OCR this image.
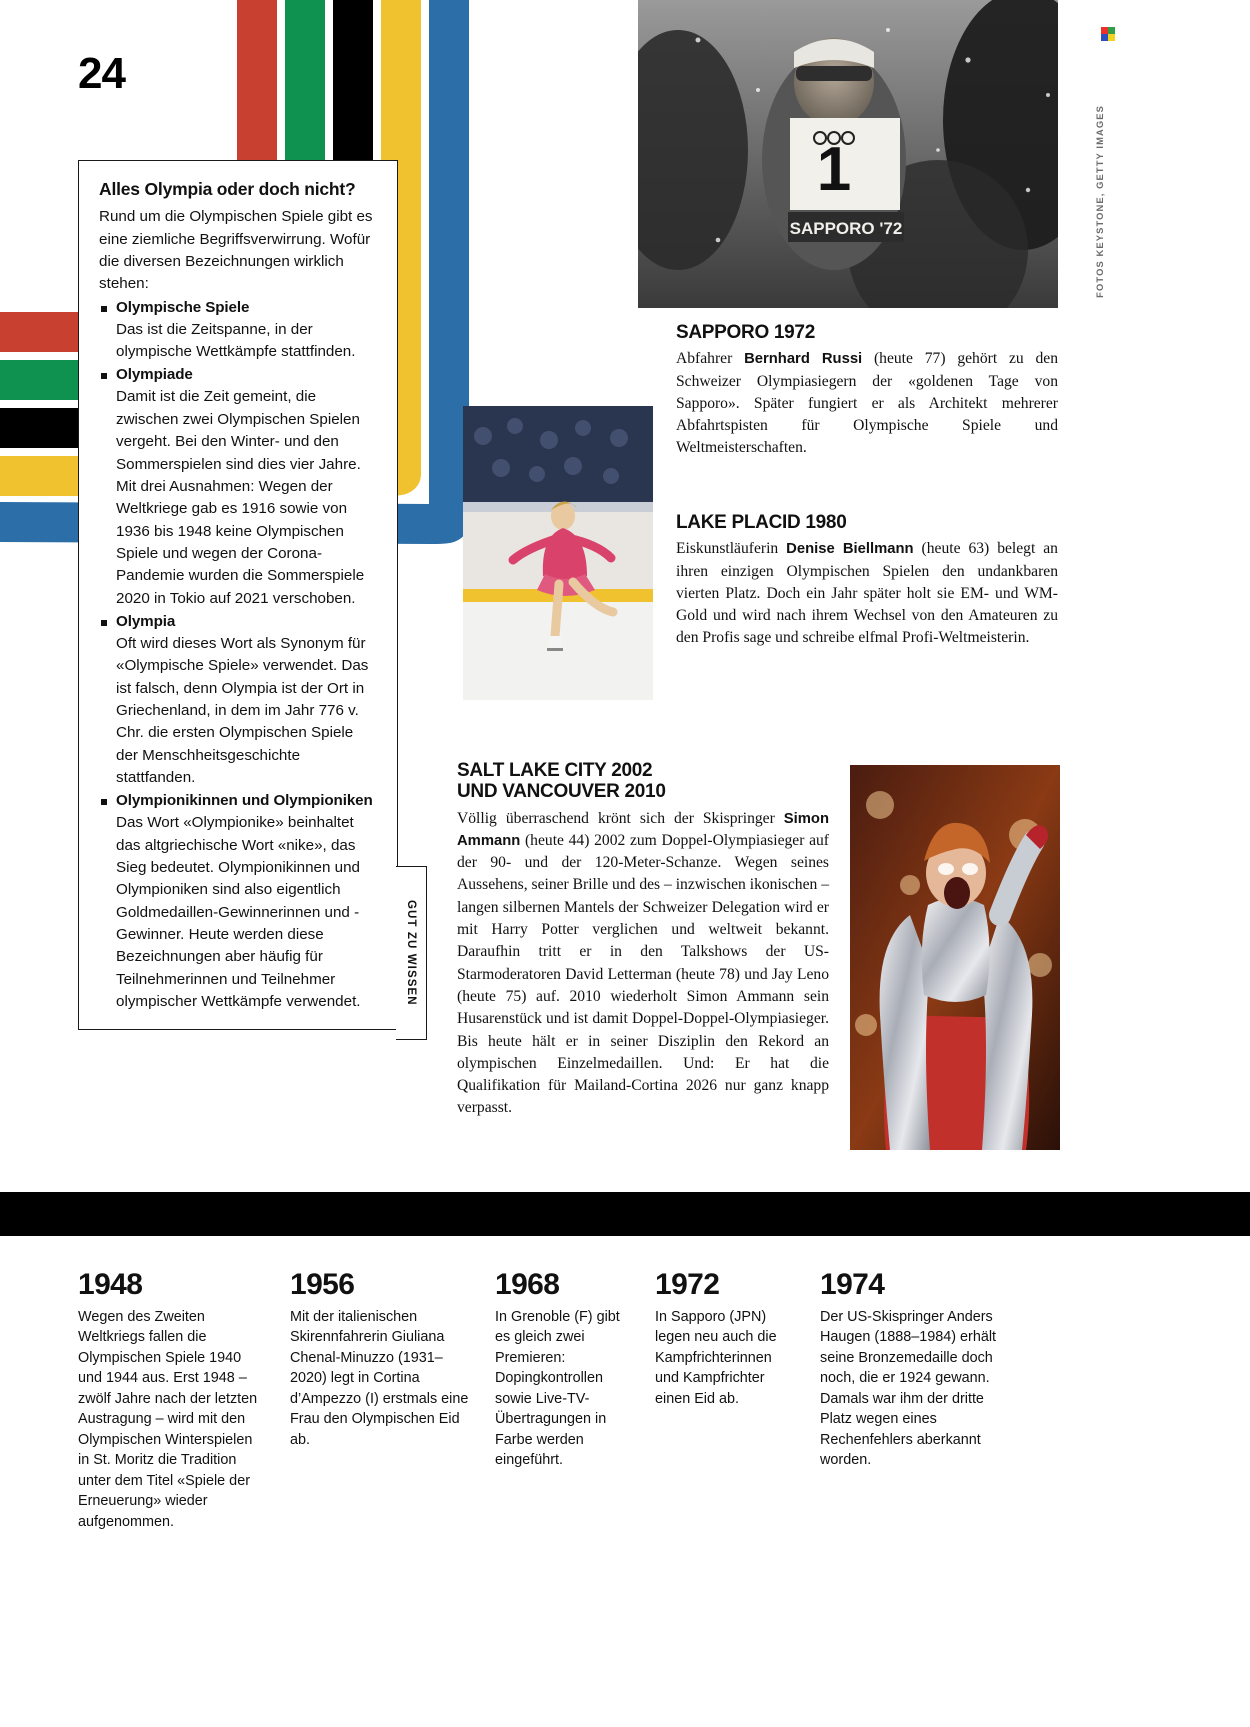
24
1
SAPPORO '72
Alles Olympia oder doch nicht?

Rund um die Olympischen Spiele gibt es eine ziemliche Begriffsverwirrung. Wofür die diversen Bezeichnungen wirklich stehen:

Olympische Spiele
Das ist die Zeitspanne, in der olympische Wettkämpfe stattfinden.
Olympiade
Damit ist die Zeit gemeint, die zwischen zwei Olympischen Spielen vergeht. Bei den Winter- und den Sommerspielen sind dies vier Jahre. Mit drei Ausnahmen: Wegen der Weltkriege gab es 1916 sowie von 1936 bis 1948 keine Olympischen Spiele und wegen der Corona-Pandemie wurden die Sommerspiele 2020 in Tokio auf 2021 verschoben.
Olympia
Oft wird dieses Wort als Synonym für «Olympische Spiele» verwendet. Das ist falsch, denn Olympia ist der Ort in Griechenland, in dem im Jahr 776 v. Chr. die ersten Olympischen Spiele der Menschheitsgeschichte stattfanden.
Olympionikinnen und Olympioniken
Das Wort «Olympionike» beinhaltet das altgriechische Wort «nike», das Sieg bedeutet. Olympionikinnen und Olympioniken sind also eigentlich Goldmedaillen-Gewinnerinnen und -Gewinner. Heute werden diese Bezeichnungen aber häufig für Teilnehmerinnen und Teilnehmer olympischer Wettkämpfe verwendet.	GUT ZU WISSEN
SAPPORO 1972

Abfahrer Bernhard Russi (heute 77) gehört zu den Schweizer Olympiasiegern der «goldenen Tage von Sapporo». Später fungiert er als Architekt mehrerer Abfahrtspisten für Olympische Spiele und Weltmeisterschaften.

LAKE PLACID 1980

Eiskunstläuferin Denise Biellmann (heute 63) belegt an ihren einzigen Olympischen Spielen den undankbaren vierten Platz. Doch ein Jahr später holt sie EM- und WM-Gold und wird nach ihrem Wechsel von den Amateuren zu den Profis sage und schreibe elfmal Profi-Weltmeisterin.

SALT LAKE CITY 2002
UND VANCOUVER 2010

Völlig überraschend krönt sich der Skispringer Simon Ammann (heute 44) 2002 zum Doppel-Olympiasieger auf der 90- und der 120-Meter-Schanze. Wegen seines Aussehens, seiner Brille und des – inzwischen ikonischen – langen silbernen Mantels der Schweizer Delegation wird er mit Harry Potter verglichen und weltweit bekannt. Daraufhin tritt er in den Talkshows der US-Starmoderatoren David Letterman (heute 78) und Jay Leno (heute 75) auf. 2010 wiederholt Simon Ammann sein Husarenstück und ist damit Doppel-Doppel-Olympiasieger. Bis heute hält er in seiner Disziplin den Rekord an olympischen Einzelmedaillen. Und: Er hat die Qualifikation für Mailand-Cortina 2026 nur ganz knapp verpasst.

FOTOS KEYSTONE, GETTY IMAGES
1948
Wegen des Zweiten Weltkriegs fallen die Olympischen Spiele 1940 und 1944 aus. Erst 1948 – zwölf Jahre nach der letzten Austragung – wird mit den Olympischen Winterspielen in St. Moritz die Tradition unter dem Titel «Spiele der Erneuerung» wieder aufgenommen.
1956
Mit der italienischen Skirennfahrerin Giuliana Chenal-Minuzzo (1931–2020) legt in Cortina d’Ampezzo (I) erstmals eine Frau den Olympischen Eid ab.
1968
In Grenoble (F) gibt es gleich zwei Premieren: Dopingkontrollen sowie Live-TV-Übertragungen in Farbe werden eingeführt.
1972
In Sapporo (JPN) legen neu auch die Kampfrichterinnen und Kampfrichter einen Eid ab.
1974
Der US-Skispringer Anders Haugen (1888–1984) erhält seine Bronzemedaille doch noch, die er 1924 gewann. Damals war ihm der dritte Platz wegen eines Rechenfehlers aberkannt worden.
